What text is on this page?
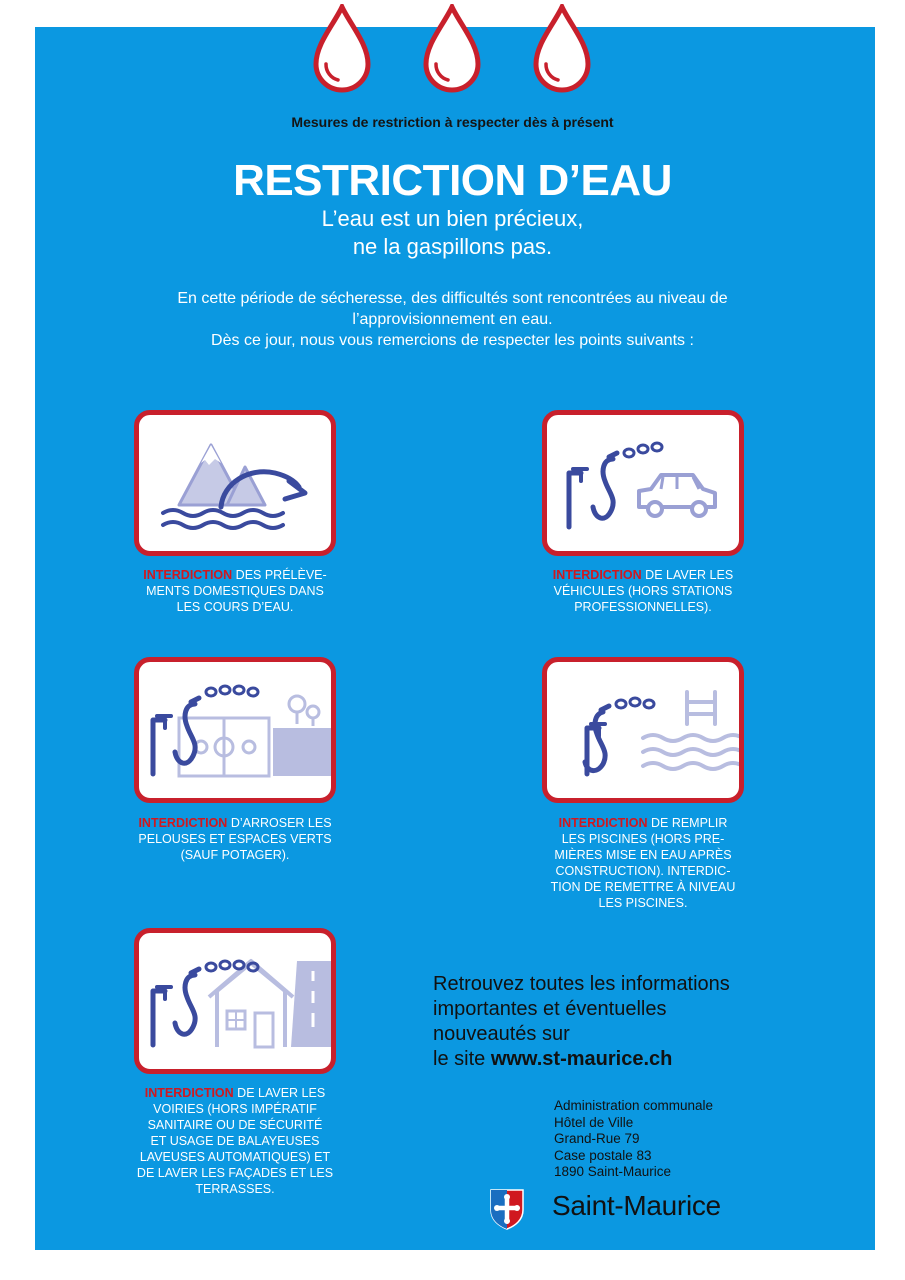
Mesures de restriction à respecter dès à présent
RESTRICTION D’EAU
L’eau est un bien précieux,
ne la gaspillons pas.
En cette période de sécheresse, des difficultés sont rencontrées au niveau de
l’approvisionnement en eau.
Dès ce jour, nous vous remercions de respecter les points suivants :
INTERDICTION DES PRÉLÈVE-
MENTS DOMESTIQUES DANS
LES COURS D’EAU.
INTERDICTION DE LAVER LES
VÉHICULES (HORS STATIONS
PROFESSIONNELLES).
INTERDICTION D’ARROSER LES
PELOUSES ET ESPACES VERTS
(SAUF POTAGER).
INTERDICTION DE REMPLIR
LES PISCINES (HORS PRE-
MIÈRES MISE EN EAU APRÈS
CONSTRUCTION). INTERDIC-
TION DE REMETTRE À NIVEAU
LES PISCINES.
INTERDICTION DE LAVER LES
VOIRIES (HORS IMPÉRATIF
SANITAIRE OU DE SÉCURITÉ
ET USAGE DE BALAYEUSES
LAVEUSES AUTOMATIQUES) ET
DE LAVER LES FAÇADES ET LES
TERRASSES.
Retrouvez toutes les informations
importantes et éventuelles
nouveautés sur
le site www.st-maurice.ch
Administration communale
Hôtel de Ville
Grand-Rue 79
Case postale 83
1890 Saint-Maurice
Saint-Maurice
